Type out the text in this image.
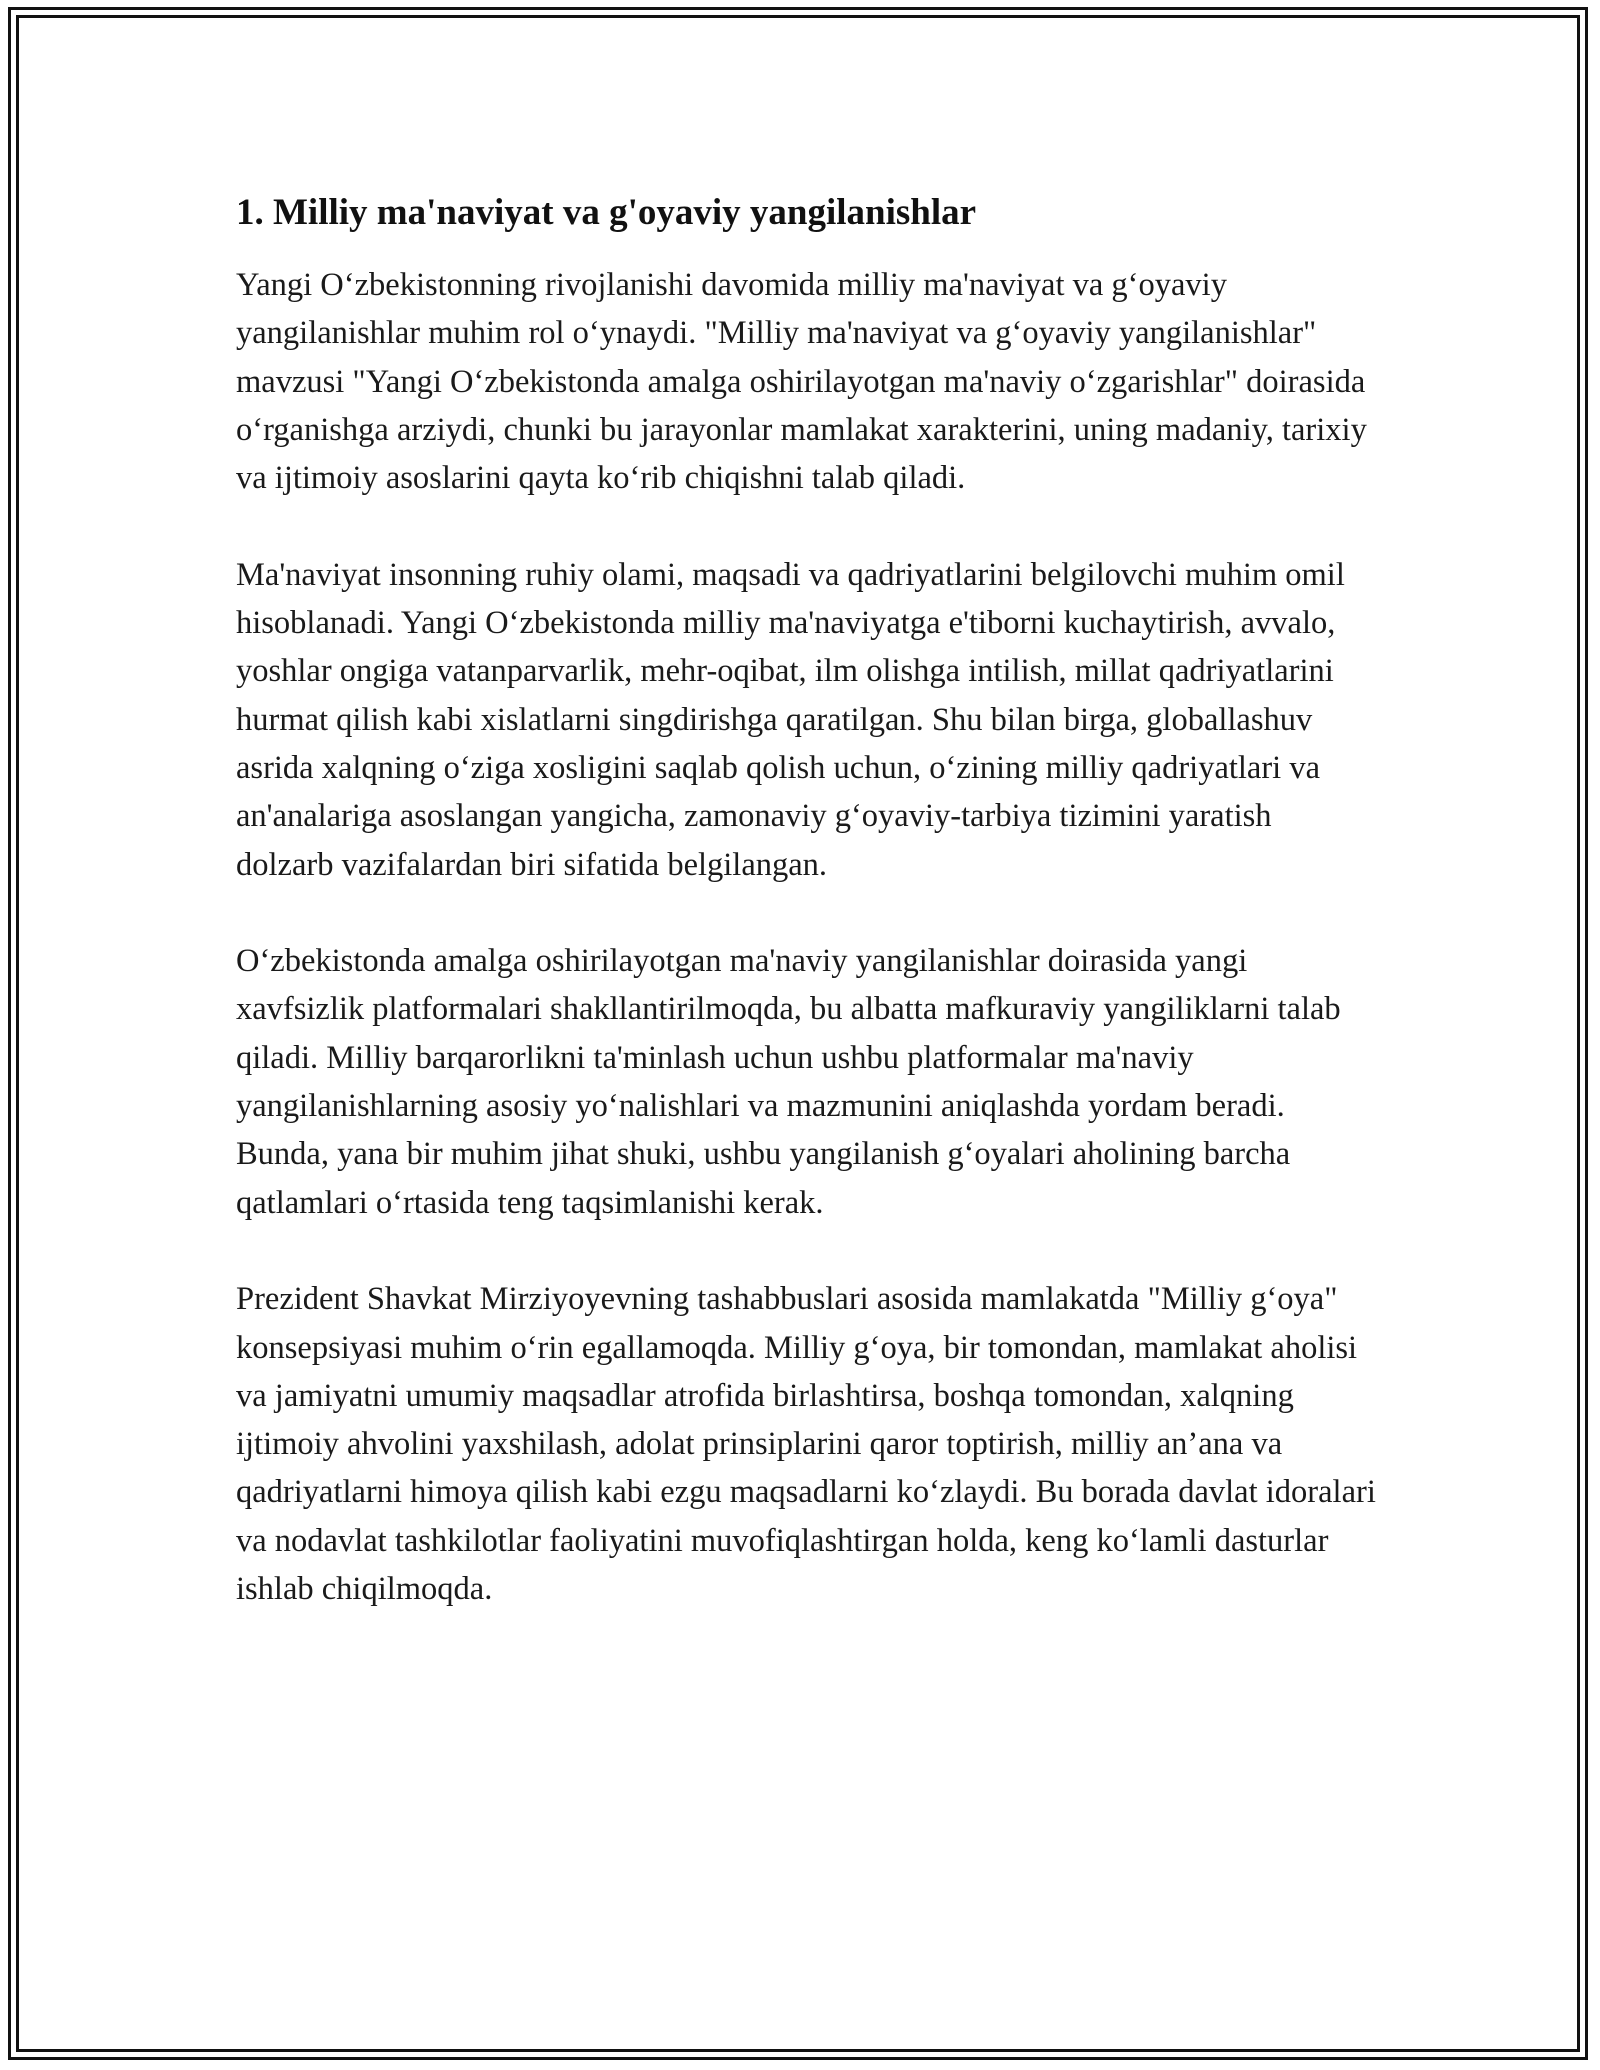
1. Milliy ma'naviyat va g'oyaviy yangilanishlar

Yangi O‘zbekistonning rivojlanishi davomida milliy ma'naviyat va g‘oyaviy yangilanishlar muhim rol o‘ynaydi. "Milliy ma'naviyat va g‘oyaviy yangilanishlar" mavzusi "Yangi O‘zbekistonda amalga oshirilayotgan ma'naviy o‘zgarishlar" doirasida o‘rganishga arziydi, chunki bu jarayonlar mamlakat xarakterini, uning madaniy, tarixiy va ijtimoiy asoslarini qayta ko‘rib chiqishni talab qiladi.

Ma'naviyat insonning ruhiy olami, maqsadi va qadriyatlarini belgilovchi muhim omil hisoblanadi. Yangi O‘zbekistonda milliy ma'naviyatga e'tiborni kuchaytirish, avvalo, yoshlar ongiga vatanparvarlik, mehr-oqibat, ilm olishga intilish, millat qadriyatlarini hurmat qilish kabi xislatlarni singdirishga qaratilgan. Shu bilan birga, globallashuv asrida xalqning o‘ziga xosligini saqlab qolish uchun, o‘zining milliy qadriyatlari va an'analariga asoslangan yangicha, zamonaviy g‘oyaviy-tarbiya tizimini yaratish dolzarb vazifalardan biri sifatida belgilangan.

O‘zbekistonda amalga oshirilayotgan ma'naviy yangilanishlar doirasida yangi xavfsizlik platformalari shakllantirilmoqda, bu albatta mafkuraviy yangiliklarni talab qiladi. Milliy barqarorlikni ta'minlash uchun ushbu platformalar ma'naviy yangilanishlarning asosiy yo‘nalishlari va mazmunini aniqlashda yordam beradi. Bunda, yana bir muhim jihat shuki, ushbu yangilanish g‘oyalari aholining barcha qatlamlari o‘rtasida teng taqsimlanishi kerak.

Prezident Shavkat Mirziyoyevning tashabbuslari asosida mamlakatda "Milliy g‘oya" konsepsiyasi muhim o‘rin egallamoqda. Milliy g‘oya, bir tomondan, mamlakat aholisi va jamiyatni umumiy maqsadlar atrofida birlashtirsa, boshqa tomondan, xalqning ijtimoiy ahvolini yaxshilash, adolat prinsiplarini qaror toptirish, milliy an’ana va qadriyatlarni himoya qilish kabi ezgu maqsadlarni ko‘zlaydi. Bu borada davlat idoralari va nodavlat tashkilotlar faoliyatini muvofiqlashtirgan holda, keng ko‘lamli dasturlar ishlab chiqilmoqda.
